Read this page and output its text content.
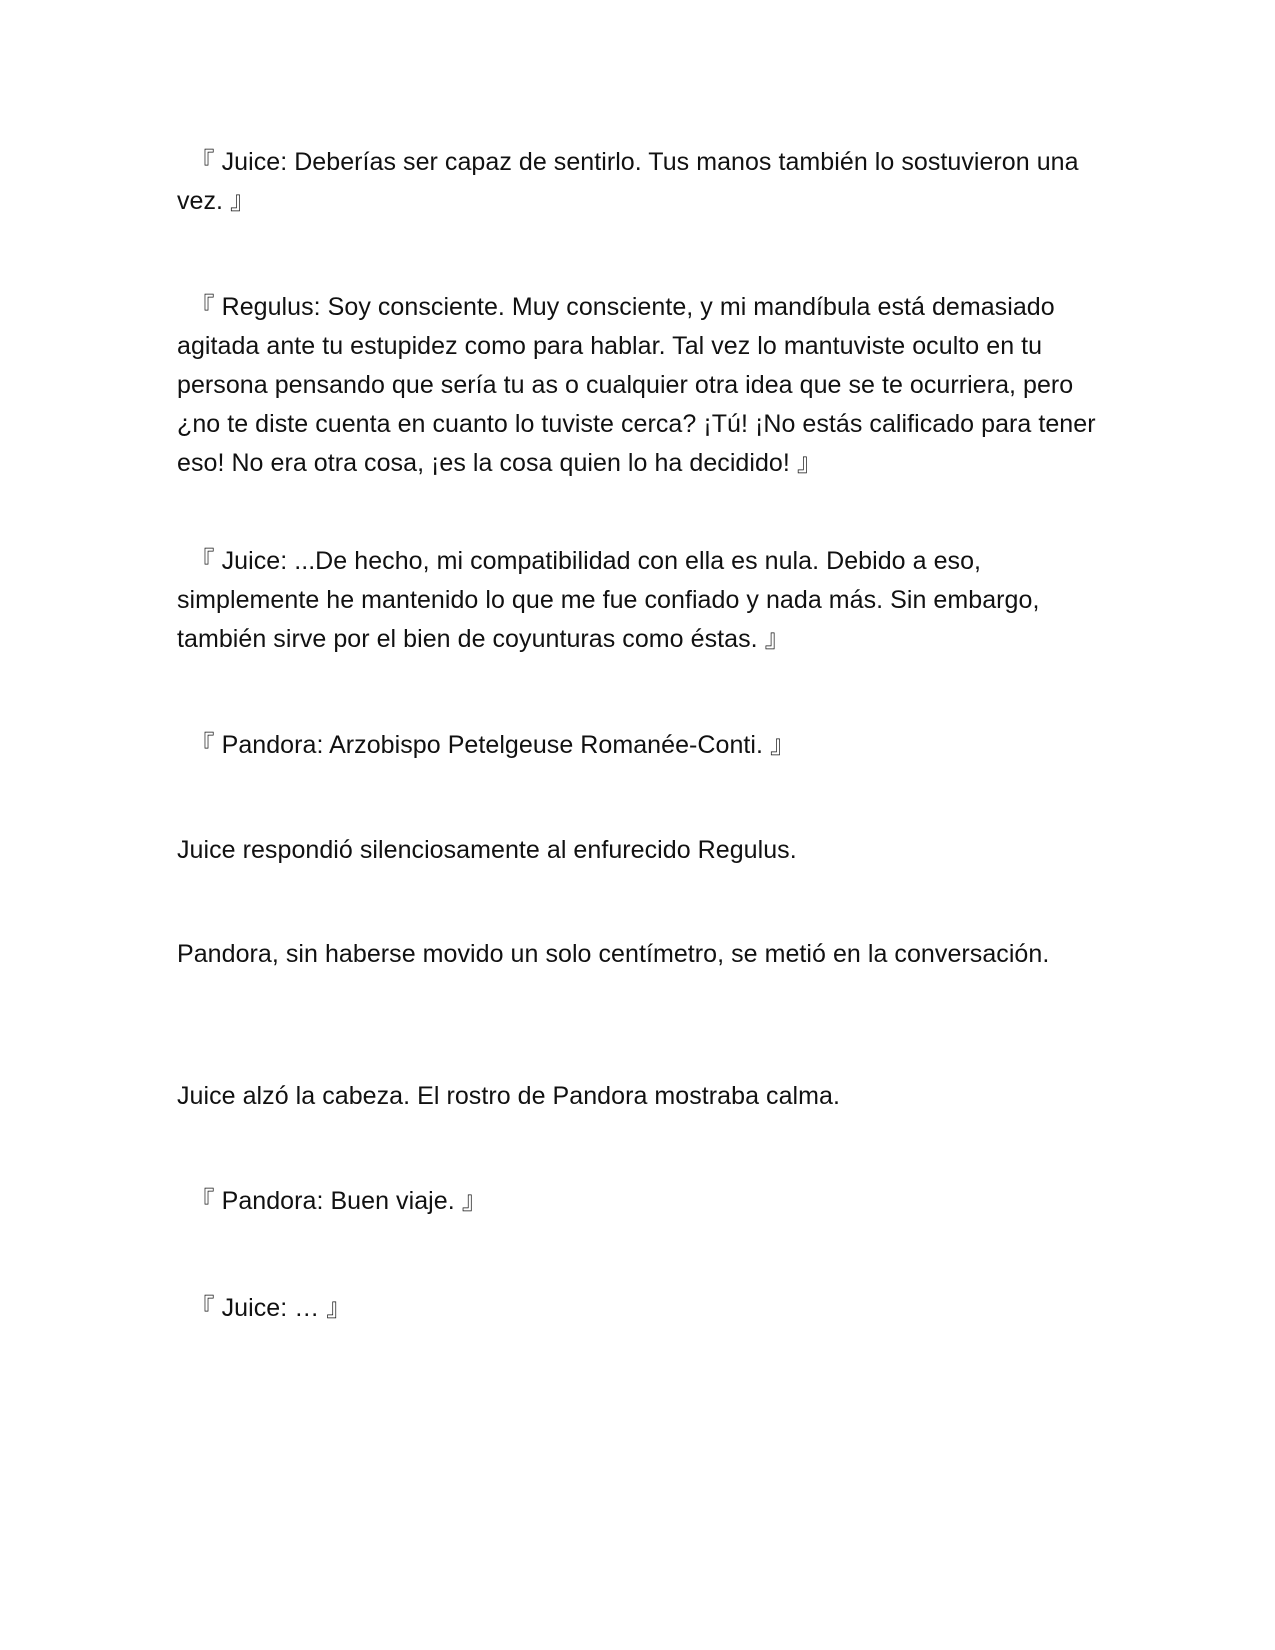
　『 Juice: Deberías ser capaz de sentirlo. Tus manos también lo sostuvieron una vez. 』

　『 Regulus: Soy consciente. Muy consciente, y mi mandíbula está demasiado agitada ante tu estupidez como para hablar. Tal vez lo mantuviste oculto en tu persona pensando que sería tu as o cualquier otra idea que se te ocurriera, pero ¿no te diste cuenta en cuanto lo tuviste cerca? ¡Tú! ¡No estás calificado para tener eso! No era otra cosa, ¡es la cosa quien lo ha decidido! 』

　『 Juice: ...De hecho, mi compatibilidad con ella es nula. Debido a eso, simplemente he mantenido lo que me fue confiado y nada más. Sin embargo, también sirve por el bien de coyunturas como éstas. 』

　『 Pandora: Arzobispo Petelgeuse Romanée-Conti. 』

Juice respondió silenciosamente al enfurecido Regulus.

Pandora, sin haberse movido un solo centímetro, se metió en la conversación.

Juice alzó la cabeza. El rostro de Pandora mostraba calma.

　『 Pandora: Buen viaje. 』

　『 Juice: … 』
